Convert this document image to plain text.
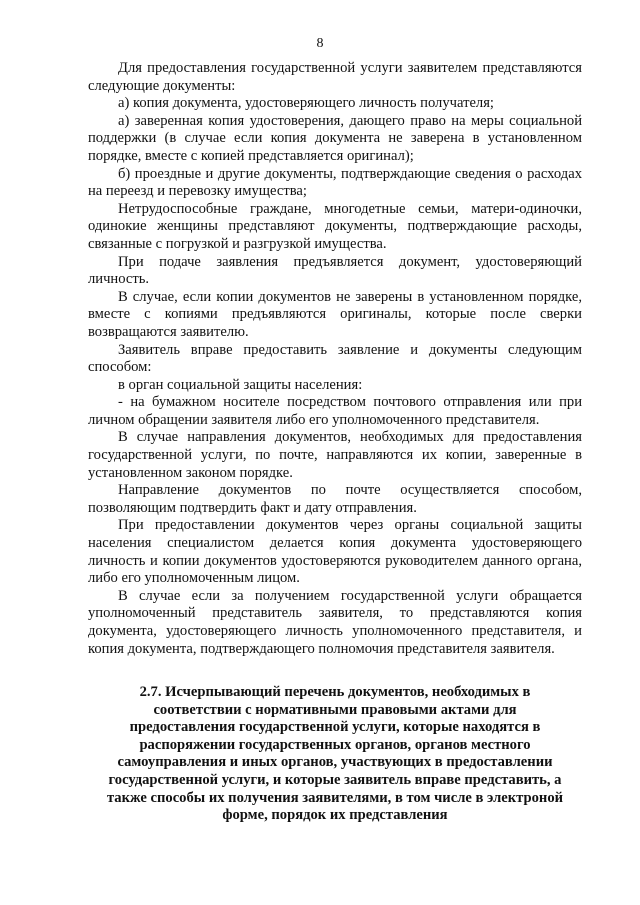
8

Для предоставления государственной услуги заявителем представляются следующие документы:

а) копия документа, удостоверяющего личность получателя;

а) заверенная копия удостоверения, дающего право на меры социальной поддержки (в случае если копия документа не заверена в установленном порядке, вместе с копией представляется оригинал);

б) проездные и другие документы, подтверждающие сведения о расходах на переезд и перевозку имущества;

Нетрудоспособные граждане, многодетные семьи, матери-одиночки, одинокие женщины представляют документы, подтверждающие расходы, связанные с погрузкой и разгрузкой имущества.

При подаче заявления предъявляется документ, удостоверяющий личность.

В случае, если копии документов не заверены в установленном порядке, вместе с копиями предъявляются оригиналы, которые после сверки возвращаются заявителю.

Заявитель вправе предоставить заявление и документы следующим способом:

в орган социальной защиты населения:

- на бумажном носителе посредством почтового отправления или при личном обращении заявителя либо его уполномоченного представителя.

В случае направления документов, необходимых для предоставления государственной услуги, по почте, направляются их копии, заверенные в установленном законом порядке.

Направление документов по почте осуществляется способом, позволяющим подтвердить факт и дату отправления.

При предоставлении документов через органы социальной защиты населения специалистом делается копия документа удостоверяющего личность и копии документов удостоверяются руководителем данного органа, либо его уполномоченным лицом.

В случае если за получением государственной услуги обращается уполномоченный представитель заявителя, то представляются копия документа, удостоверяющего личность уполномоченного представителя, и копия документа, подтверждающего полномочия представителя заявителя.

2.7. Исчерпывающий перечень документов, необходимых в соответствии с нормативными правовыми актами для предоставления государственной услуги, которые находятся в распоряжении государственных органов, органов местного самоуправления и иных органов, участвующих в предоставлении государственной услуги, и которые заявитель вправе представить, а также способы их получения заявителями, в том числе в электроной форме, порядок их представления
